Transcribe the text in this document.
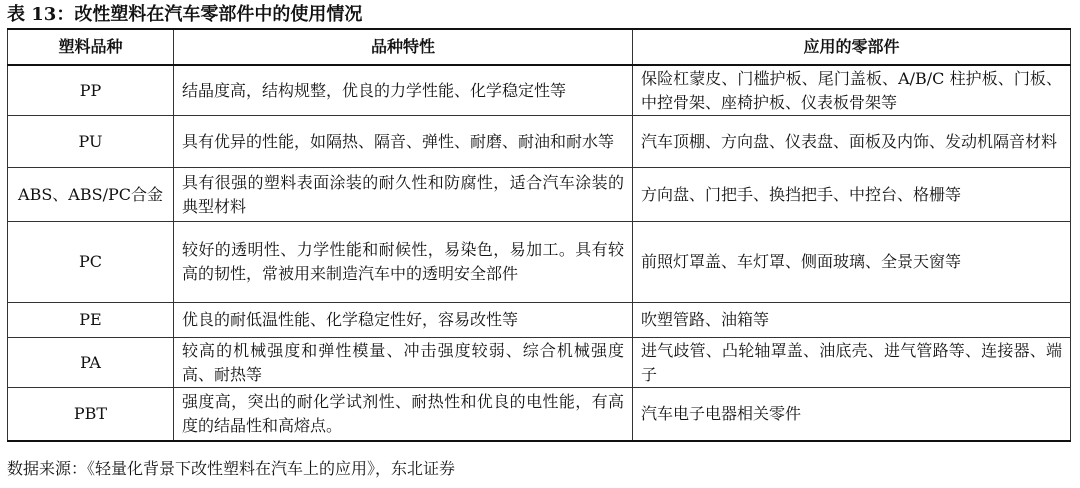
表 13：改性塑料在汽车零部件中的使用情况
塑料品种	品种特性	应用的零部件
PP	结晶度高，结构规整，优良的力学性能、化学稳定性等	保险杠蒙皮、门槛护板、尾门盖板、A/B/C 柱护板、门板、中控骨架、座椅护板、仪表板骨架等
PU	具有优异的性能，如隔热、隔音、弹性、耐磨、耐油和耐水等	汽车顶棚、方向盘、仪表盘、面板及内饰、发动机隔音材料
ABS、ABS/PC合金	具有很强的塑料表面涂装的耐久性和防腐性，适合汽车涂装的典型材料	方向盘、门把手、换挡把手、中控台、格栅等
PC	较好的透明性、力学性能和耐候性，易染色，易加工。具有较高的韧性，常被用来制造汽车中的透明安全部件	前照灯罩盖、车灯罩、侧面玻璃、全景天窗等
PE	优良的耐低温性能、化学稳定性好，容易改性等	吹塑管路、油箱等
PA	较高的机械强度和弹性模量、冲击强度较弱、综合机械强度高、耐热等	进气歧管、凸轮轴罩盖、油底壳、进气管路等、连接器、端子
PBT	强度高，突出的耐化学试剂性、耐热性和优良的电性能，有高度的结晶性和高熔点。	汽车电子电器相关零件
数据来源：《轻量化背景下改性塑料在汽车上的应用》，东北证券
